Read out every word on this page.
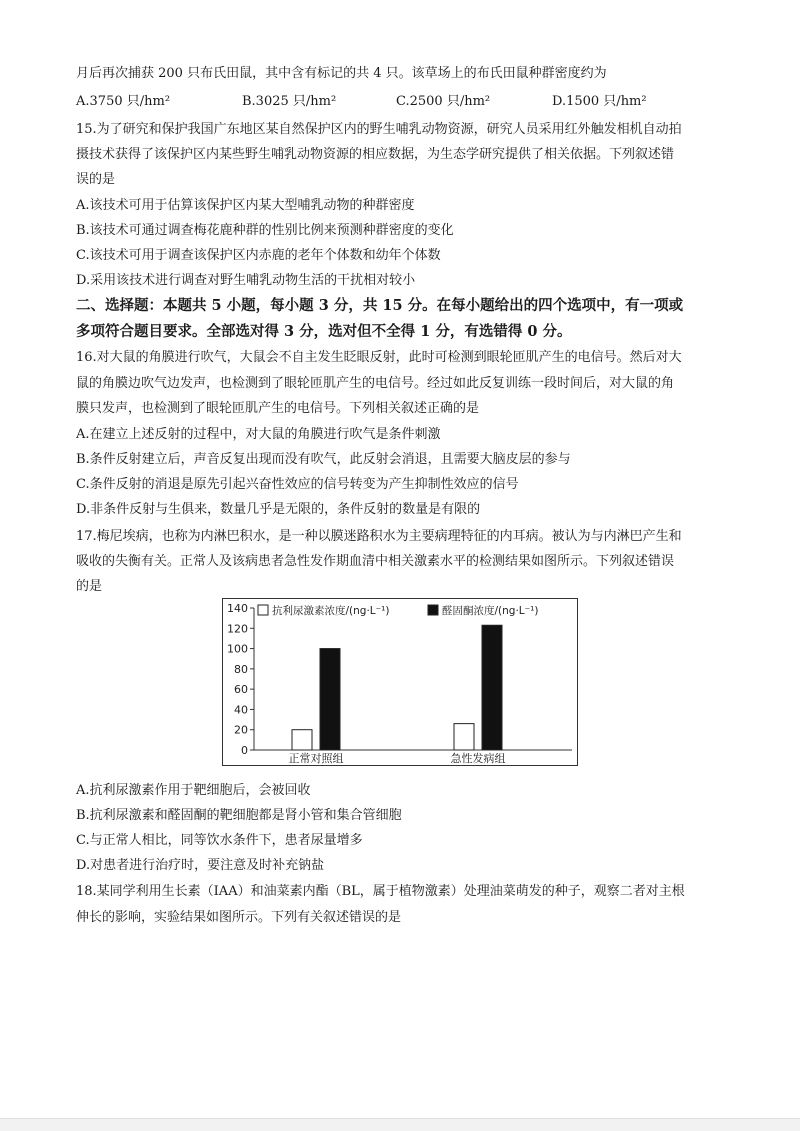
月后再次捕获 200 只布氏田鼠，其中含有标记的共 4 只。该草场上的布氏田鼠种群密度约为
A.3750 只/hm²	B.3025 只/hm²	C.2500 只/hm²	D.1500 只/hm²
15.为了研究和保护我国广东地区某自然保护区内的野生哺乳动物资源，研究人员采用红外触发相机自动拍
摄技术获得了该保护区内某些野生哺乳动物资源的相应数据，为生态学研究提供了相关依据。下列叙述错
误的是
A.该技术可用于估算该保护区内某大型哺乳动物的种群密度
B.该技术可通过调查梅花鹿种群的性别比例来预测种群密度的变化
C.该技术可用于调查该保护区内赤鹿的老年个体数和幼年个体数
D.采用该技术进行调查对野生哺乳动物生活的干扰相对较小
二、选择题：本题共 5 小题，每小题 3 分，共 15 分。在每小题给出的四个选项中，有一项或
多项符合题目要求。全部选对得 3 分，选对但不全得 1 分，有选错得 0 分。
16.对大鼠的角膜进行吹气，大鼠会不自主发生眨眼反射，此时可检测到眼轮匝肌产生的电信号。然后对大
鼠的角膜边吹气边发声，也检测到了眼轮匝肌产生的电信号。经过如此反复训练一段时间后，对大鼠的角
膜只发声，也检测到了眼轮匝肌产生的电信号。下列相关叙述正确的是
A.在建立上述反射的过程中，对大鼠的角膜进行吹气是条件刺激
B.条件反射建立后，声音反复出现而没有吹气，此反射会消退，且需要大脑皮层的参与
C.条件反射的消退是原先引起兴奋性效应的信号转变为产生抑制性效应的信号
D.非条件反射与生俱来，数量几乎是无限的，条件反射的数量是有限的
17.梅尼埃病，也称为内淋巴积水，是一种以膜迷路积水为主要病理特征的内耳病。被认为与内淋巴产生和
吸收的失衡有关。正常人及该病患者急性发作期血清中相关激素水平的检测结果如图所示。下列叙述错误
的是
0
20
40
60
80
100
120
140
正常对照组	急性发病组
抗利尿激素浓度/(ng·L⁻¹)	醛固酮浓度/(ng·L⁻¹)
A.抗利尿激素作用于靶细胞后，会被回收
B.抗利尿激素和醛固酮的靶细胞都是肾小管和集合管细胞
C.与正常人相比，同等饮水条件下，患者尿量增多
D.对患者进行治疗时，要注意及时补充钠盐
18.某同学利用生长素（IAA）和油菜素内酯（BL，属于植物激素）处理油菜萌发的种子，观察二者对主根
伸长的影响，实验结果如图所示。下列有关叙述错误的是
